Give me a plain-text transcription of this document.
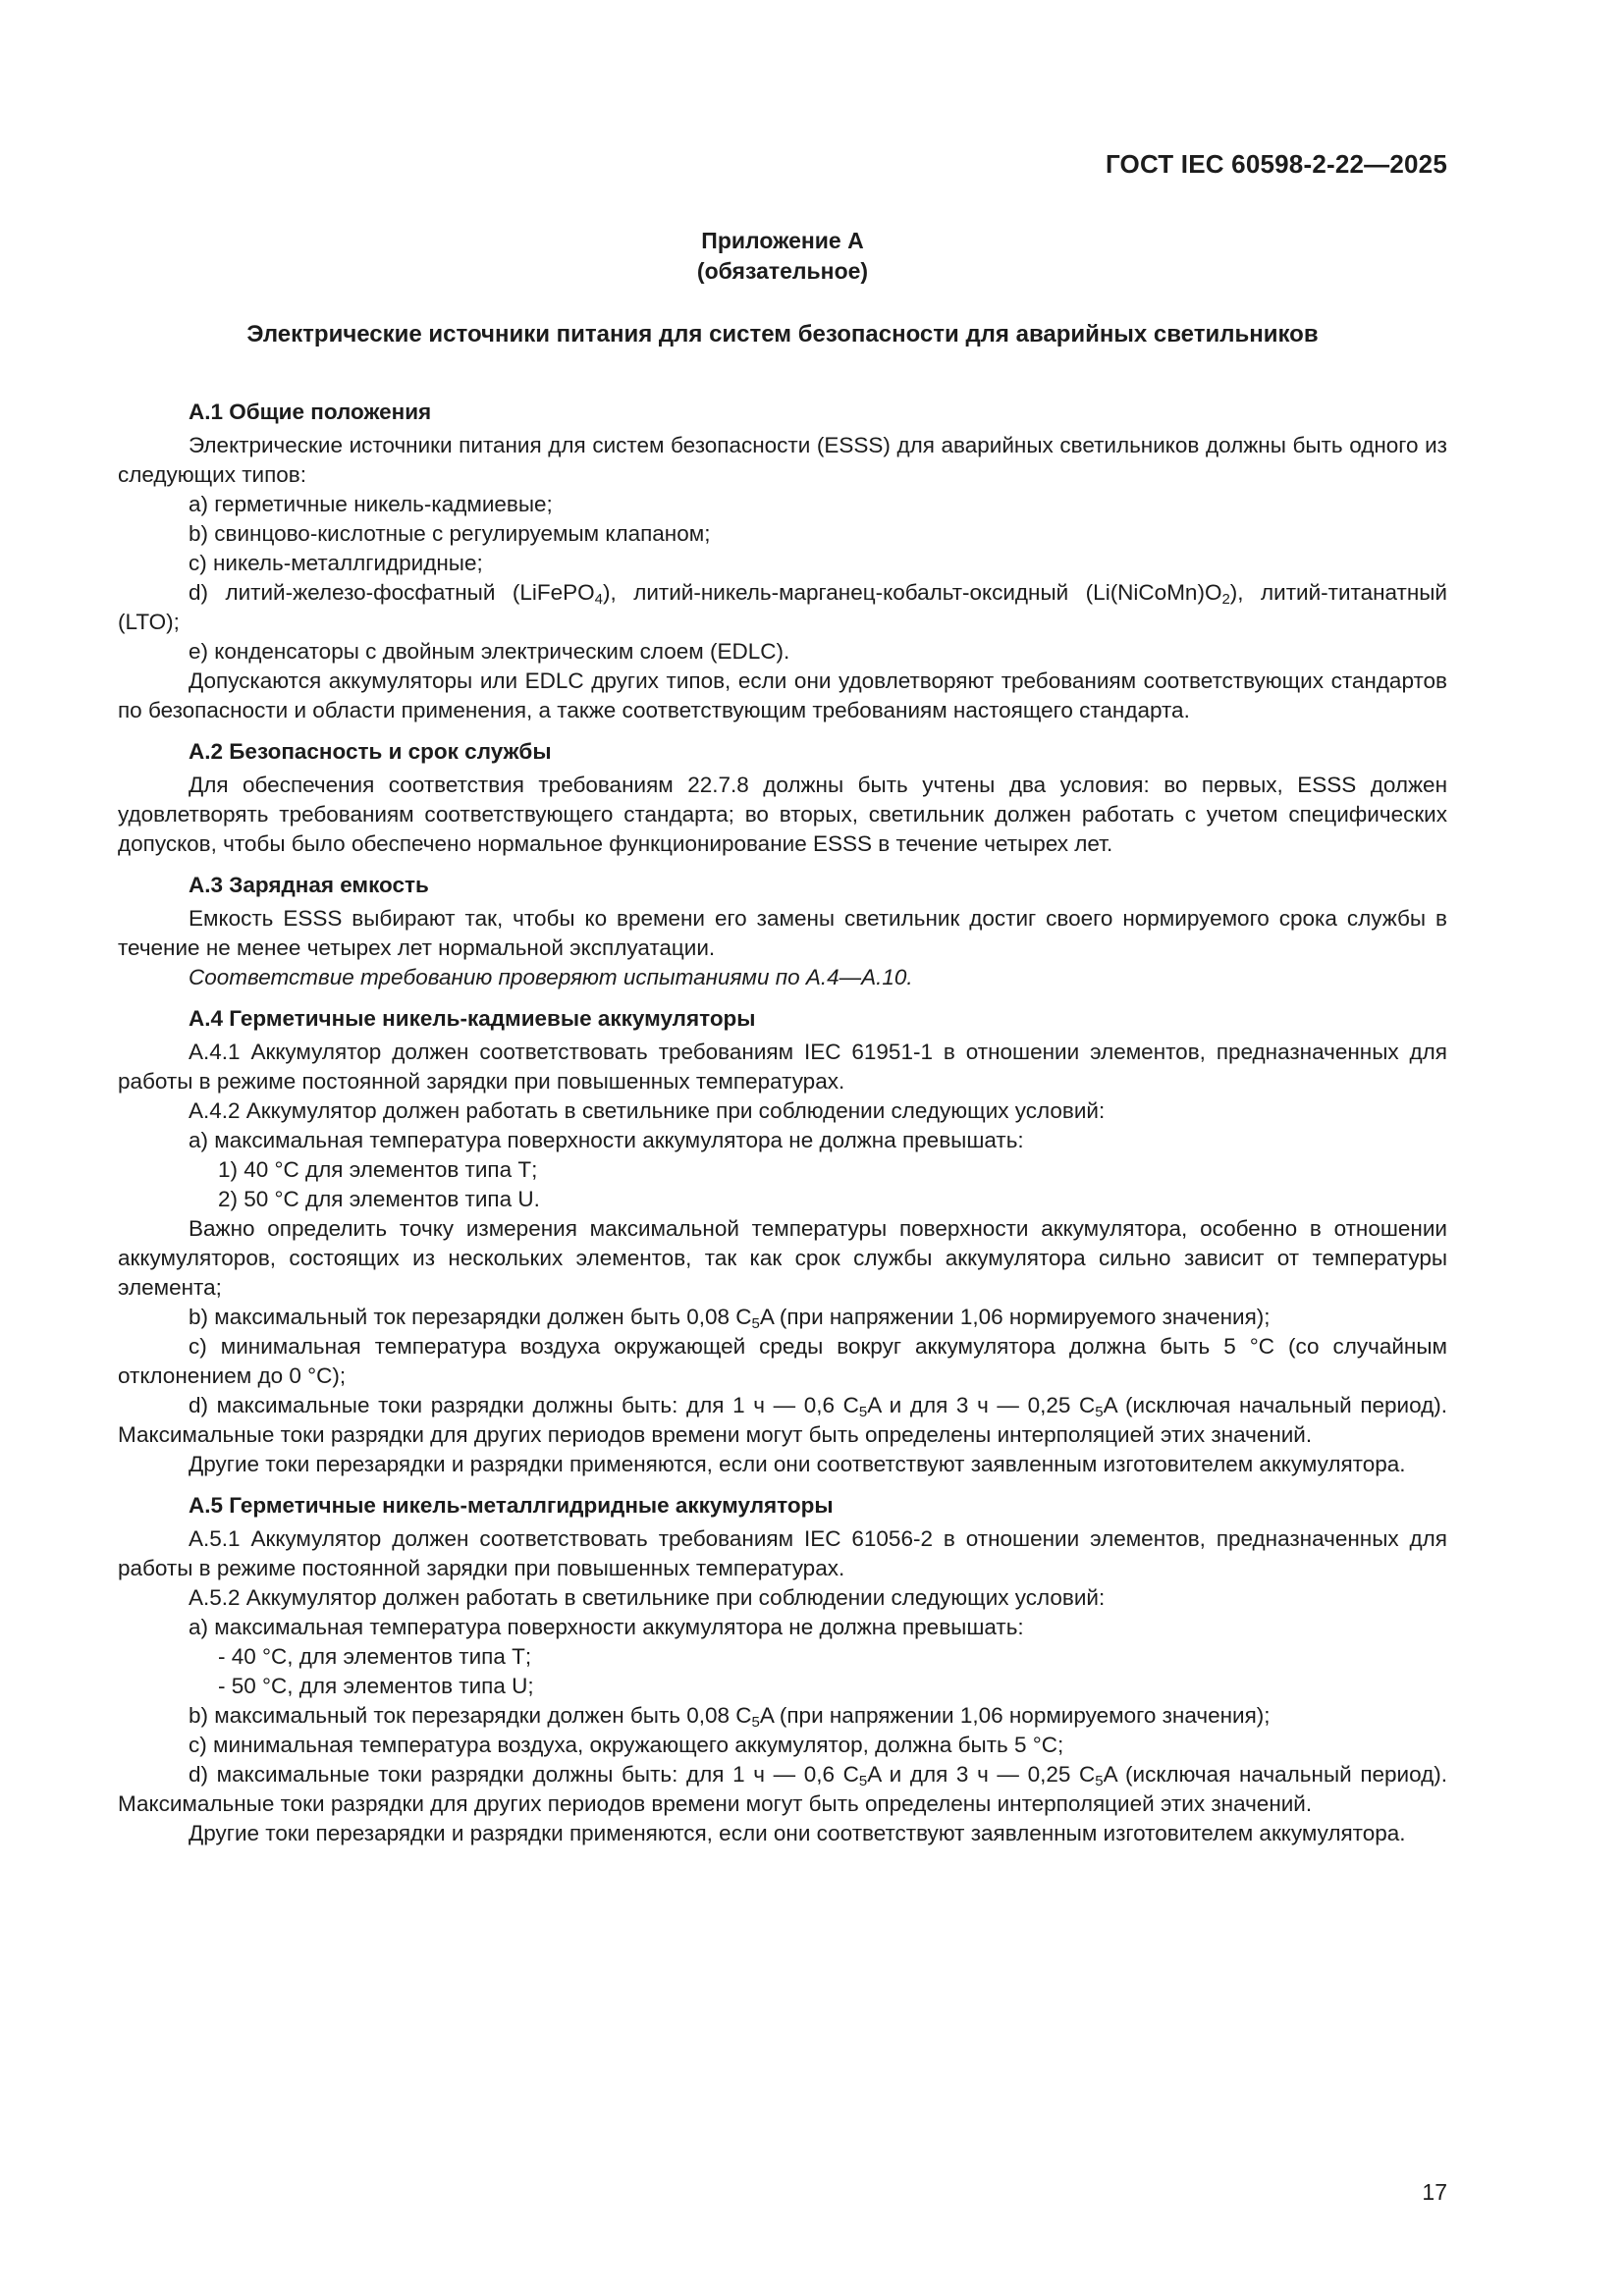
ГОСТ IEC 60598-2-22—2025
Приложение А
(обязательное)
Электрические источники питания для систем безопасности для аварийных светильников

А.1 Общие положения

Электрические источники питания для систем безопасности (ESSS) для аварийных светильников должны быть одного из следующих типов:

а) герметичные никель-кадмиевые;

b) свинцово-кислотные с регулируемым клапаном;

c) никель-металлгидридные;

d) литий-железо-фосфатный (LiFePO$_4$), литий-никель-марганец-кобальт-оксидный $(Li(NiCoMn)O_2)$, литий-титанатный (LTO);

e) конденсаторы с двойным электрическим слоем (EDLC).

Допускаются аккумуляторы или EDLC других типов, если они удовлетворяют требованиям соответствующих стандартов по безопасности и области применения, а также соответствующим требованиям настоящего стандарта.

А.2 Безопасность и срок службы

Для обеспечения соответствия требованиям 22.7.8 должны быть учтены два условия: во первых, ESSS должен удовлетворять требованиям соответствующего стандарта; во вторых, светильник должен работать с учетом специфических допусков, чтобы было обеспечено нормальное функционирование ESSS в течение четырех лет.

А.3 Зарядная емкость

Емкость ESSS выбирают так, чтобы ко времени его замены светильник достиг своего нормируемого срока службы в течение не менее четырех лет нормальной эксплуатации.

Соответствие требованию проверяют испытаниями по А.4—А.10.

А.4 Герметичные никель-кадмиевые аккумуляторы

А.4.1 Аккумулятор должен соответствовать требованиям IEC 61951-1 в отношении элементов, предназначенных для работы в режиме постоянной зарядки при повышенных температурах.

А.4.2 Аккумулятор должен работать в светильнике при соблюдении следующих условий:

а) максимальная температура поверхности аккумулятора не должна превышать:

1) 40 °С для элементов типа Т;

2) 50 °С для элементов типа U.

Важно определить точку измерения максимальной температуры поверхности аккумулятора, особенно в отношении аккумуляторов, состоящих из нескольких элементов, так как срок службы аккумулятора сильно зависит от температуры элемента;

b) максимальный ток перезарядки должен быть 0,08 $C_5A$ (при напряжении 1,06 нормируемого значения);

c) минимальная температура воздуха окружающей среды вокруг аккумулятора должна быть 5 °С (со случайным отклонением до 0 °С);

d) максимальные токи разрядки должны быть: для 1 ч — 0,6 $C_5A$ и для 3 ч — 0,25 $C_5A$ (исключая начальный период). Максимальные токи разрядки для других периодов времени могут быть определены интерполяцией этих значений.

Другие токи перезарядки и разрядки применяются, если они соответствуют заявленным изготовителем аккумулятора.

А.5 Герметичные никель-металлгидридные аккумуляторы

А.5.1 Аккумулятор должен соответствовать требованиям IEC 61056-2 в отношении элементов, предназначенных для работы в режиме постоянной зарядки при повышенных температурах.

А.5.2 Аккумулятор должен работать в светильнике при соблюдении следующих условий:

а) максимальная температура поверхности аккумулятора не должна превышать:

- 40 °С, для элементов типа Т;

- 50 °С, для элементов типа U;

b) максимальный ток перезарядки должен быть 0,08 $C_5A$ (при напряжении 1,06 нормируемого значения);

c) минимальная температура воздуха, окружающего аккумулятор, должна быть 5 °С;

d) максимальные токи разрядки должны быть: для 1 ч — 0,6 $C_5A$ и для 3 ч — 0,25 $C_5A$ (исключая начальный период). Максимальные токи разрядки для других периодов времени могут быть определены интерполяцией этих значений.

Другие токи перезарядки и разрядки применяются, если они соответствуют заявленным изготовителем аккумулятора.

17
